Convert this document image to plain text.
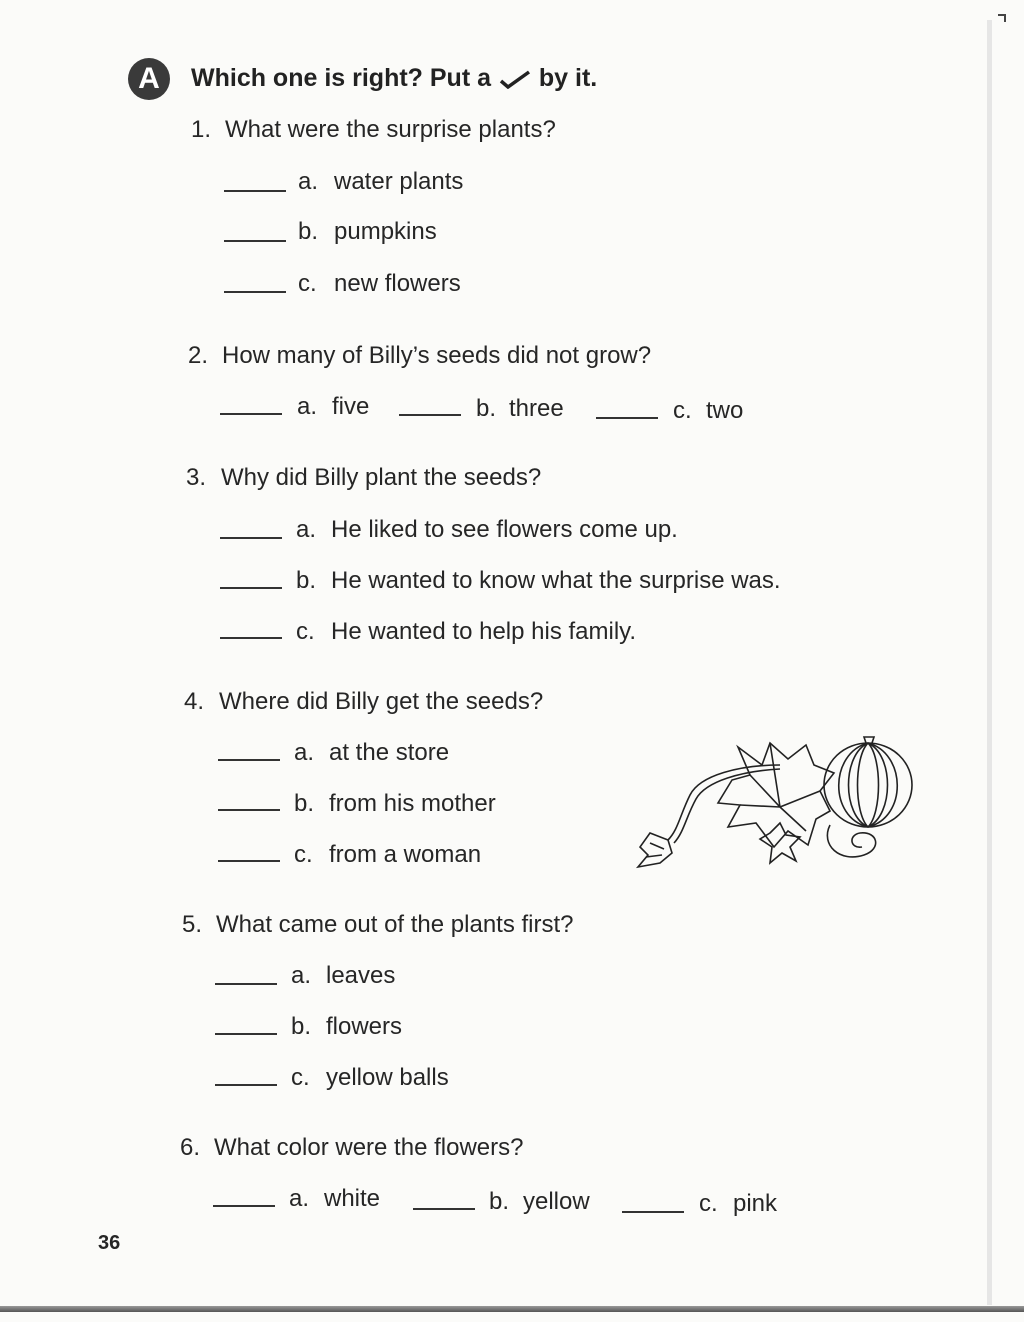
A	Which one is right? Put a by it.
1. What were the surprise plants?
a. water plants
b. pumpkins
c. new flowers
2. How many of Billy’s seeds did not grow?
a. five	b. three	c. two
3. Why did Billy plant the seeds?
a. He liked to see flowers come up.
b. He wanted to know what the surprise was.
c. He wanted to help his family.
4. Where did Billy get the seeds?
a. at the store
b. from his mother
c. from a woman
5. What came out of the plants first?
a. leaves
b. flowers
c. yellow balls
6. What color were the flowers?
a. white	b. yellow	c. pink
36
